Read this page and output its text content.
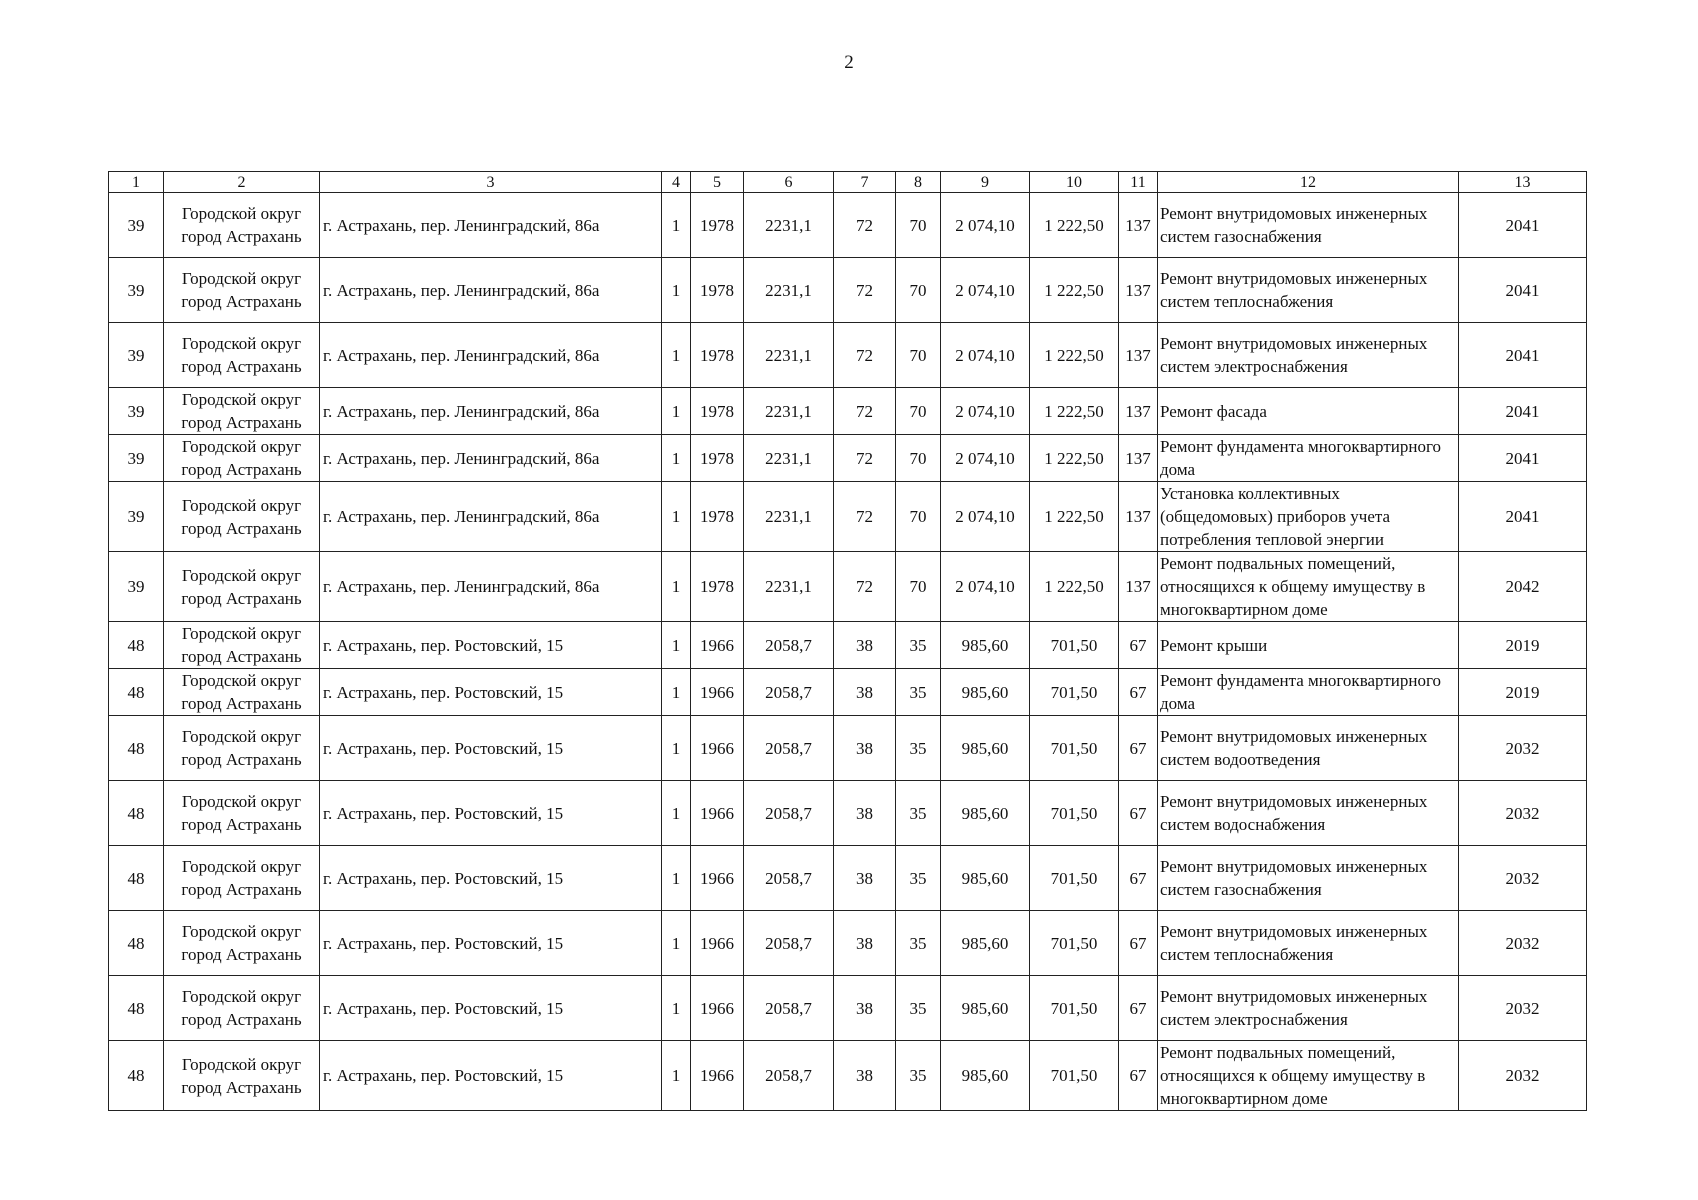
2
1	2	3	4	5	6	7	8	9	10	11	12	13
39	Городской округ город Астрахань	г. Астрахань, пер. Ленинградский, 86а	1	1978	2231,1	72	70	2 074,10	1 222,50	137	Ремонт внутридомовых инженерных систем газоснабжения	2041
39	Городской округ город Астрахань	г. Астрахань, пер. Ленинградский, 86а	1	1978	2231,1	72	70	2 074,10	1 222,50	137	Ремонт внутридомовых инженерных систем теплоснабжения	2041
39	Городской округ город Астрахань	г. Астрахань, пер. Ленинградский, 86а	1	1978	2231,1	72	70	2 074,10	1 222,50	137	Ремонт внутридомовых инженерных систем электроснабжения	2041
39	Городской округ город Астрахань	г. Астрахань, пер. Ленинградский, 86а	1	1978	2231,1	72	70	2 074,10	1 222,50	137	Ремонт фасада	2041
39	Городской округ город Астрахань	г. Астрахань, пер. Ленинградский, 86а	1	1978	2231,1	72	70	2 074,10	1 222,50	137	Ремонт фундамента многоквартирного дома	2041
39	Городской округ город Астрахань	г. Астрахань, пер. Ленинградский, 86а	1	1978	2231,1	72	70	2 074,10	1 222,50	137	Установка коллективных (общедомовых) приборов учета потребления тепловой энергии	2041
39	Городской округ город Астрахань	г. Астрахань, пер. Ленинградский, 86а	1	1978	2231,1	72	70	2 074,10	1 222,50	137	Ремонт подвальных помещений, относящихся к общему имуществу в многоквартирном доме	2042
48	Городской округ город Астрахань	г. Астрахань, пер. Ростовский, 15	1	1966	2058,7	38	35	985,60	701,50	67	Ремонт крыши	2019
48	Городской округ город Астрахань	г. Астрахань, пер. Ростовский, 15	1	1966	2058,7	38	35	985,60	701,50	67	Ремонт фундамента многоквартирного дома	2019
48	Городской округ город Астрахань	г. Астрахань, пер. Ростовский, 15	1	1966	2058,7	38	35	985,60	701,50	67	Ремонт внутридомовых инженерных систем водоотведения	2032
48	Городской округ город Астрахань	г. Астрахань, пер. Ростовский, 15	1	1966	2058,7	38	35	985,60	701,50	67	Ремонт внутридомовых инженерных систем водоснабжения	2032
48	Городской округ город Астрахань	г. Астрахань, пер. Ростовский, 15	1	1966	2058,7	38	35	985,60	701,50	67	Ремонт внутридомовых инженерных систем газоснабжения	2032
48	Городской округ город Астрахань	г. Астрахань, пер. Ростовский, 15	1	1966	2058,7	38	35	985,60	701,50	67	Ремонт внутридомовых инженерных систем теплоснабжения	2032
48	Городской округ город Астрахань	г. Астрахань, пер. Ростовский, 15	1	1966	2058,7	38	35	985,60	701,50	67	Ремонт внутридомовых инженерных систем электроснабжения	2032
48	Городской округ город Астрахань	г. Астрахань, пер. Ростовский, 15	1	1966	2058,7	38	35	985,60	701,50	67	Ремонт подвальных помещений, относящихся к общему имуществу в многоквартирном доме	2032
